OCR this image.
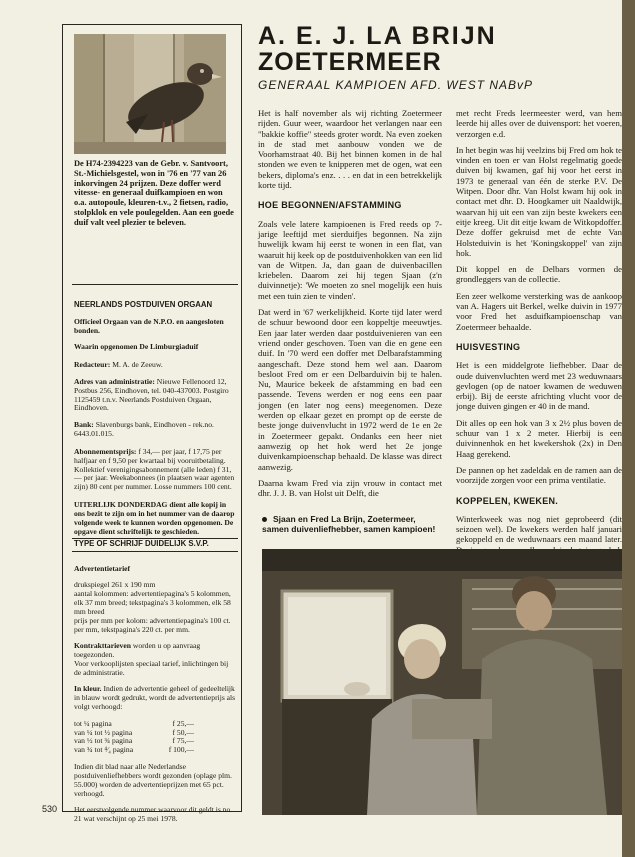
De H74-2394223 van de Gebr. v. Santvoort, St.-Michielsgestel, won in '76 en '77 van 26 inkorvingen 24 prijzen. Deze doffer werd vitesse- en generaal duifkampioen en won o.a. autopoule, kleuren-t.v., 2 fietsen, radio, stolpklok en vele poulegelden. Aan een goede duif valt veel plezier te beleven.
NEERLANDS POSTDUIVEN ORGAAN

Officieel Orgaan van de N.P.O. en aangesloten bonden.

Waarin opgenomen De Limburgiaduif

Redacteur: M. A. de Zeeuw.

Adres van administratie: Nieuwe Fellenoord 12, Postbus 256, Eindhoven, tel. 040-437003. Postgiro 1125459 t.n.v. Neerlands Postduiven Orgaan, Eindhoven.

Bank: Slavenburgs bank, Eindhoven - rek.no. 6443.01.015.

Abonnementsprijs: f 34,— per jaar, f 17,75 per halfjaar en f 9,50 per kwartaal bij vooruitbetaling. Kollektief verenigingsabonnement (alle leden) f 31,— per jaar. Weekabonnees (in plaatsen waar agenten zijn) 80 cent per nummer. Losse nummers 100 cent.

UITERLIJK DONDERDAG dient alle kopij in ons bezit te zijn om in het nummer van de daarop volgende week te kunnen worden opgenomen. De opgave dient schriftelijk te geschieden.

TYPE OF SCHRIJF DUIDELIJK S.V.P.

Advertentietarief

drukspiegel 261 x 190 mm
aantal kolommen: advertentiepagina's 5 kolommen, elk 37 mm breed; tekstpagina's 3 kolommen, elk 58 mm breed
prijs per mm per kolom: advertentiepagina's 100 ct. per mm, tekstpagina's 220 ct. per mm.

Kontrakttarieven worden u op aanvraag toegezonden.
Voor verkooplijsten speciaal tarief, inlichtingen bij de administratie.

In kleur. Indien de advertentie geheel of gedeeltelijk in blauw wordt gedrukt, wordt de advertentieprijs als volgt verhoogd:

tot ¼ pagina	f 25,—
van ¼ tot ½ pagina	f 50,—
van ½ tot ¾ pagina	f 75,—
van ¾ tot ⁴⁄₄ pagina	f 100,—

Indien dit blad naar alle Nederlandse postduivenliefhebbers wordt gezonden (oplage plm. 55.000) worden de advertentieprijzen met 65 pct. verhoogd.

Het eerstvolgende nummer waarvoor dit geldt is no. 21 wat verschijnt op 25 mei 1978.

530
A. E. J. LA BRIJN
ZOETERMEER
GENERAAL KAMPIOEN AFD. WEST NABvP

Het is half november als wij richting Zoetermeer rijden. Guur weer, waardoor het verlangen naar een "bakkie koffie" steeds groter wordt. Na even zoeken in de stad met aanbouw vonden we de Voorhamstraat 40. Bij het binnen komen in de hal stonden we even te knipperen met de ogen, wat een bekers, diploma's enz. . . . en dat in een betrekkelijk korte tijd.

HOE BEGONNEN/AFSTAMMING

Zoals vele latere kampioenen is Fred reeds op 7-jarige leeftijd met sierduifjes begonnen. Na zijn huwelijk kwam hij eerst te wonen in een flat, van waaruit hij keek op de postduivenhokken van een lid van de Witpen. Ja, dan gaan de duivenbacillen kriebelen. Daarom zei hij tegen Sjaan (z'n duivinnetje): 'We moeten zo snel mogelijk een huis met een tuin zien te vinden'.

Dat werd in '67 werkelijkheid. Korte tijd later werd de schuur bewoond door een koppeltje meeuwtjes. Een jaar later werden daar postduivenieren van een vriend onder geschoven. Toen van die en gene een duif. In '70 werd een doffer met Delbarafstamming aangeschaft. Deze stond hem wel aan. Daarom besloot Fred om er een Delbarduivin bij te halen. Nu, Maurice bekeek de afstamming en bad een passende. Tevens werden er nog eens een paar jongen (en later nog eens) meegenomen. Deze werden op elkaar gezet en prompt op de eerste de beste jonge duivenvlucht in 1972 werd de 1e en 2e in Zoetermeer gepakt. Ondanks een heer niet aanwezig op het hok werd het 2e jonge duivenkampioenschap behaald. De klasse was direct aanwezig.

Daarna kwam Fred via zijn vrouw in contact met dhr. J. J. B. van Holst uit Delft, die

met recht Freds leermeester werd, van hem leerde hij alles over de duivensport: het voeren, verzorgen e.d.

In het begin was hij veelzins bij Fred om hok te vinden en toen er van Holst regelmatig goede duiven bij kwamen, gaf hij voor het eerst in 1973 te generaal van één de sterke P.V. De Witpen. Door dhr. Van Holst kwam hij ook in contact met dhr. D. Hoogkamer uit Naaldwijk, waarvan hij uit een van zijn beste kwekers een eitje kreeg. Uit dit eitje kwam de Witkopdoffer. Deze doffer gekruisd met de echte Van Holsteduivin is het 'Koningskoppel' van zijn hok.

Dit koppel en de Delbars vormen de grondleggers van de collectie.

Een zeer welkome versterking was de aankoop van A. Hagers uit Berkel, welke duivin in 1977 voor Fred het asduifkampioenschap van Zoetermeer behaalde.

HUISVESTING

Het is een middelgrote liefhebber. Daar de oude duivenvluchten werd met 23 weduwnaars gevlogen (op de natoer kwamen de weduwen erbij). Bij de eerste africhting vlucht voor de jonge duiven gingen er 40 in de mand.

Dit alles op een hok van 3 x 2½ plus boven de schuur van 1 x 2 meter. Hierbij is een duivinnenhok en het kwekershok (2x) in Den Haag gerekend.

De pannen op het zadeldak en de ramen aan de voorzijde zorgen voor een prima ventilatie.

KOPPELEN, KWEKEN.

Winterkweek was nog niet geprobeerd (dit seizoen wel). De kwekers werden half januari gekoppeld en de weduwnaars een maand later.

Sjaan en Fred La Brijn, Zoetermeer, samen duivenliefhebber, samen kampioen!
